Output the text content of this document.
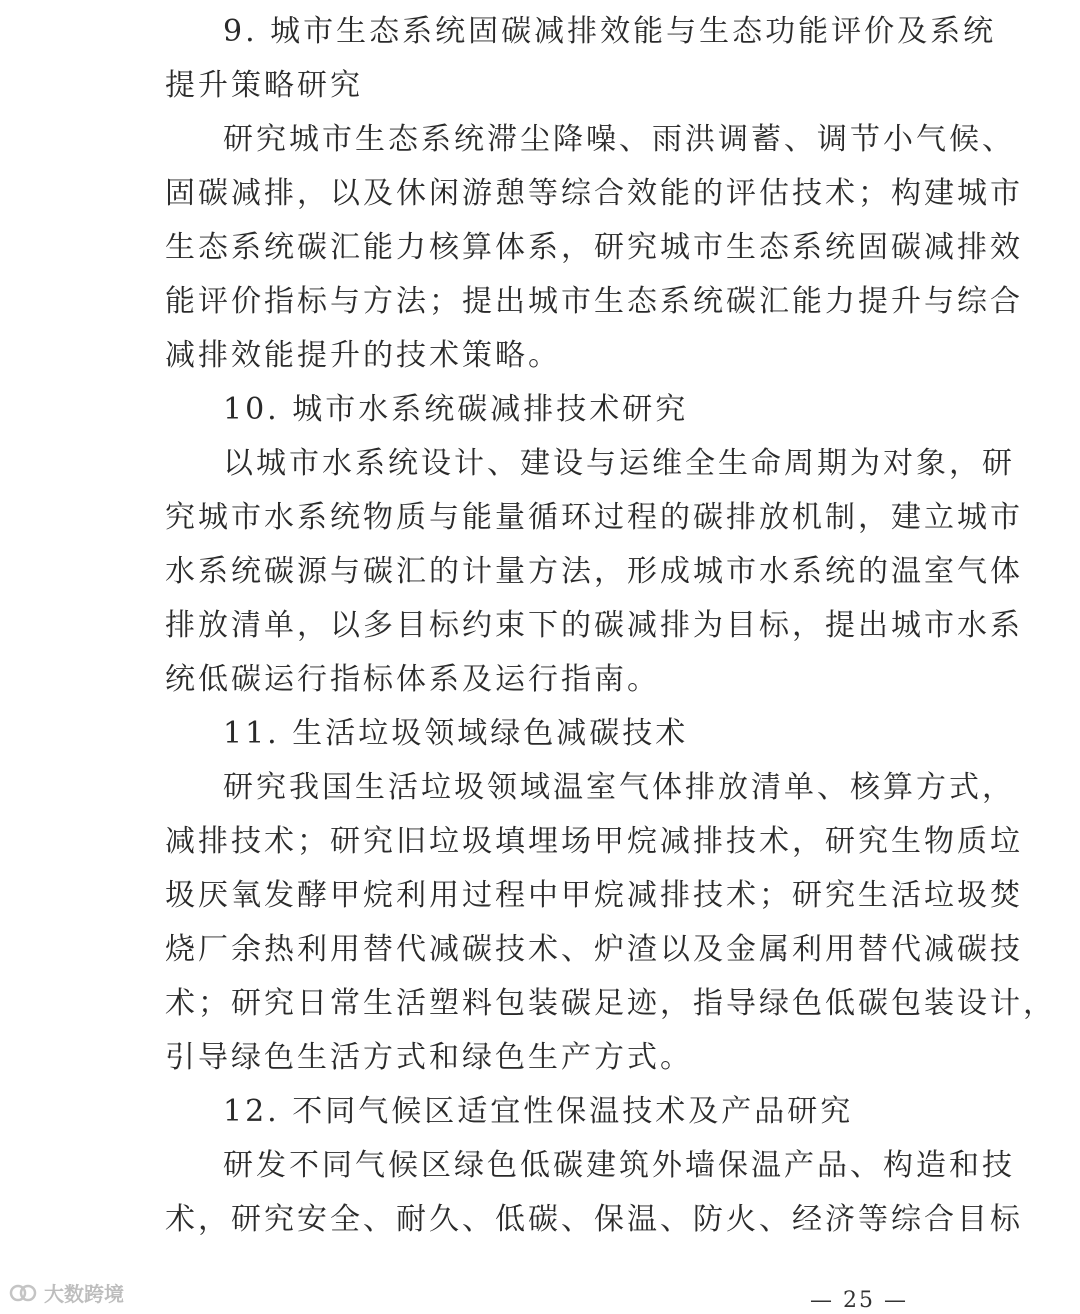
9. 城市生态系统固碳减排效能与生态功能评价及系统
提升策略研究
研究城市生态系统滞尘降噪、雨洪调蓄、调节小气候、
固碳减排，以及休闲游憩等综合效能的评估技术；构建城市
生态系统碳汇能力核算体系，研究城市生态系统固碳减排效
能评价指标与方法；提出城市生态系统碳汇能力提升与综合
减排效能提升的技术策略。
10. 城市水系统碳减排技术研究
以城市水系统设计、建设与运维全生命周期为对象，研
究城市水系统物质与能量循环过程的碳排放机制，建立城市
水系统碳源与碳汇的计量方法，形成城市水系统的温室气体
排放清单，以多目标约束下的碳减排为目标，提出城市水系
统低碳运行指标体系及运行指南。
11. 生活垃圾领域绿色减碳技术
研究我国生活垃圾领域温室气体排放清单、核算方式，
减排技术；研究旧垃圾填埋场甲烷减排技术，研究生物质垃
圾厌氧发酵甲烷利用过程中甲烷减排技术；研究生活垃圾焚
烧厂余热利用替代减碳技术、炉渣以及金属利用替代减碳技
术；研究日常生活塑料包装碳足迹，指导绿色低碳包装设计，
引导绿色生活方式和绿色生产方式。
12. 不同气候区适宜性保温技术及产品研究
研发不同气候区绿色低碳建筑外墙保温产品、构造和技
术，研究安全、耐久、低碳、保温、防火、经济等综合目标
大数跨境	— 25 —
